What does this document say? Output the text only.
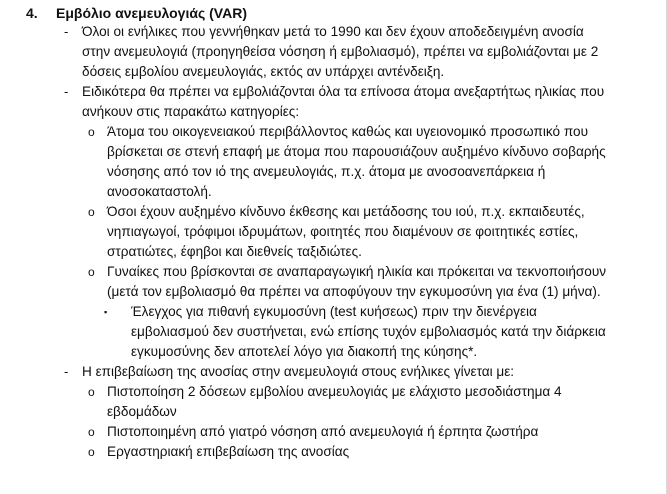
4. Εμβόλιο ανεμευλογιάς (VAR)
- Όλοι οι ενήλικες που γεννήθηκαν μετά το 1990 και δεν έχουν αποδεδειγμένη ανοσία
στην ανεμευλογιά (προηγηθείσα νόσηση ή εμβολιασμό), πρέπει να εμβολιάζονται με 2
δόσεις εμβολίου ανεμευλογιάς, εκτός αν υπάρχει αντένδειξη.
- Ειδικότερα θα πρέπει να εμβολιάζονται όλα τα επίνοσα άτομα ανεξαρτήτως ηλικίας που
ανήκουν στις παρακάτω κατηγορίες:
o Άτομα του οικογενειακού περιβάλλοντος καθώς και υγειονομικό προσωπικό που
βρίσκεται σε στενή επαφή με άτομα που παρουσιάζουν αυξημένο κίνδυνο σοβαρής
νόσησης από τον ιό της ανεμευλογιάς, π.χ. άτομα με ανοσοανεπάρκεια ή
ανοσοκαταστολή.
o Όσοι έχουν αυξημένο κίνδυνο έκθεσης και μετάδοσης του ιού, π.χ. εκπαιδευτές,
νηπιαγωγοί, τρόφιμοι ιδρυμάτων, φοιτητές που διαμένουν σε φοιτητικές εστίες,
στρατιώτες, έφηβοι και διεθνείς ταξιδιώτες.
o Γυναίκες που βρίσκονται σε αναπαραγωγική ηλικία και πρόκειται να τεκνοποιήσουν
(μετά τον εμβολιασμό θα πρέπει να αποφύγουν την εγκυμοσύνη για ένα (1) μήνα).
▪ Έλεγχος για πιθανή εγκυμοσύνη (test κυήσεως) πριν την διενέργεια
εμβολιασμού δεν συστήνεται, ενώ επίσης τυχόν εμβολιασμός κατά την διάρκεια
εγκυμοσύνης δεν αποτελεί λόγο για διακοπή της κύησης*.
- Η επιβεβαίωση της ανοσίας στην ανεμευλογιά στους ενήλικες γίνεται με:
o Πιστοποίηση 2 δόσεων εμβολίου ανεμευλογιάς με ελάχιστο μεσοδιάστημα 4
εβδομάδων
o Πιστοποιημένη από γιατρό νόσηση από ανεμευλογιά ή έρπητα ζωστήρα
o Εργαστηριακή επιβεβαίωση της ανοσίας
